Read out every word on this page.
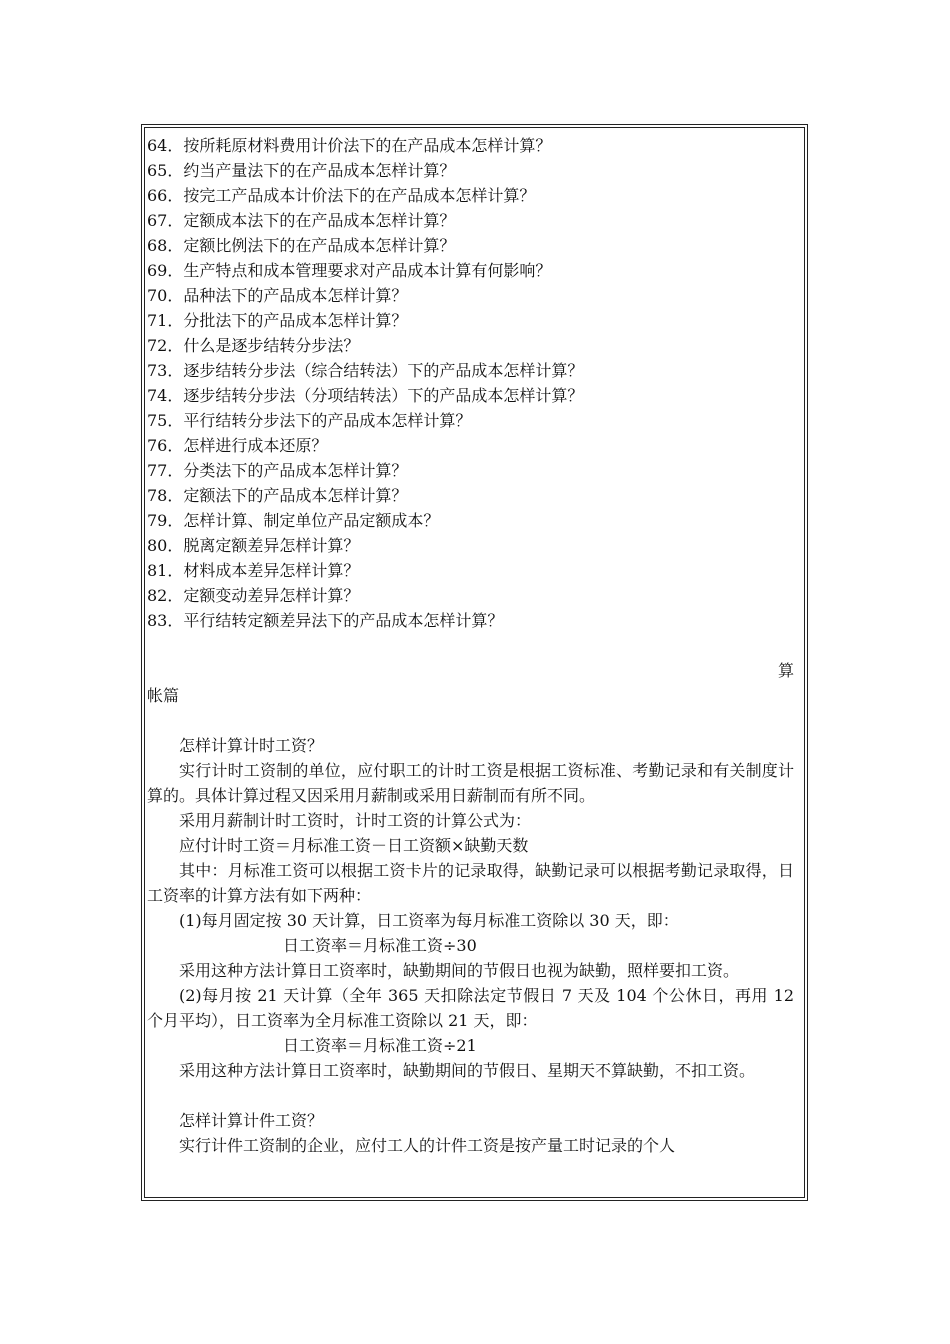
64．按所耗原材料费用计价法下的在产品成本怎样计算？
65．约当产量法下的在产品成本怎样计算？
66．按完工产品成本计价法下的在产品成本怎样计算？
67．定额成本法下的在产品成本怎样计算？
68．定额比例法下的在产品成本怎样计算？
69．生产特点和成本管理要求对产品成本计算有何影响？
70．品种法下的产品成本怎样计算？
71．分批法下的产品成本怎样计算？
72．什么是逐步结转分步法？
73．逐步结转分步法（综合结转法）下的产品成本怎样计算？
74．逐步结转分步法（分项结转法）下的产品成本怎样计算？
75．平行结转分步法下的产品成本怎样计算？
76．怎样进行成本还原？
77．分类法下的产品成本怎样计算？
78．定额法下的产品成本怎样计算？
79．怎样计算、制定单位产品定额成本？
80．脱离定额差异怎样计算？
81．材料成本差异怎样计算？
82．定额变动差异怎样计算？
83．平行结转定额差异法下的产品成本怎样计算？
算
帐篇
怎样计算计时工资？
实行计时工资制的单位，应付职工的计时工资是根据工资标准、考勤记录和有关制度计算的。具体计算过程又因采用月薪制或采用日薪制而有所不同。
采用月薪制计时工资时，计时工资的计算公式为：
应付计时工资＝月标准工资－日工资额×缺勤天数
其中：月标准工资可以根据工资卡片的记录取得，缺勤记录可以根据考勤记录取得，日工资率的计算方法有如下两种：
(1)每月固定按 30 天计算，日工资率为每月标准工资除以 30 天，即：
日工资率＝月标准工资÷30
采用这种方法计算日工资率时，缺勤期间的节假日也视为缺勤，照样要扣工资。
(2)每月按 21 天计算（全年 365 天扣除法定节假日 7 天及 104 个公休日，再用 12 个月平均），日工资率为全月标准工资除以 21 天，即：
日工资率＝月标准工资÷21
采用这种方法计算日工资率时，缺勤期间的节假日、星期天不算缺勤，不扣工资。
怎样计算计件工资？
实行计件工资制的企业，应付工人的计件工资是按产量工时记录的个人
